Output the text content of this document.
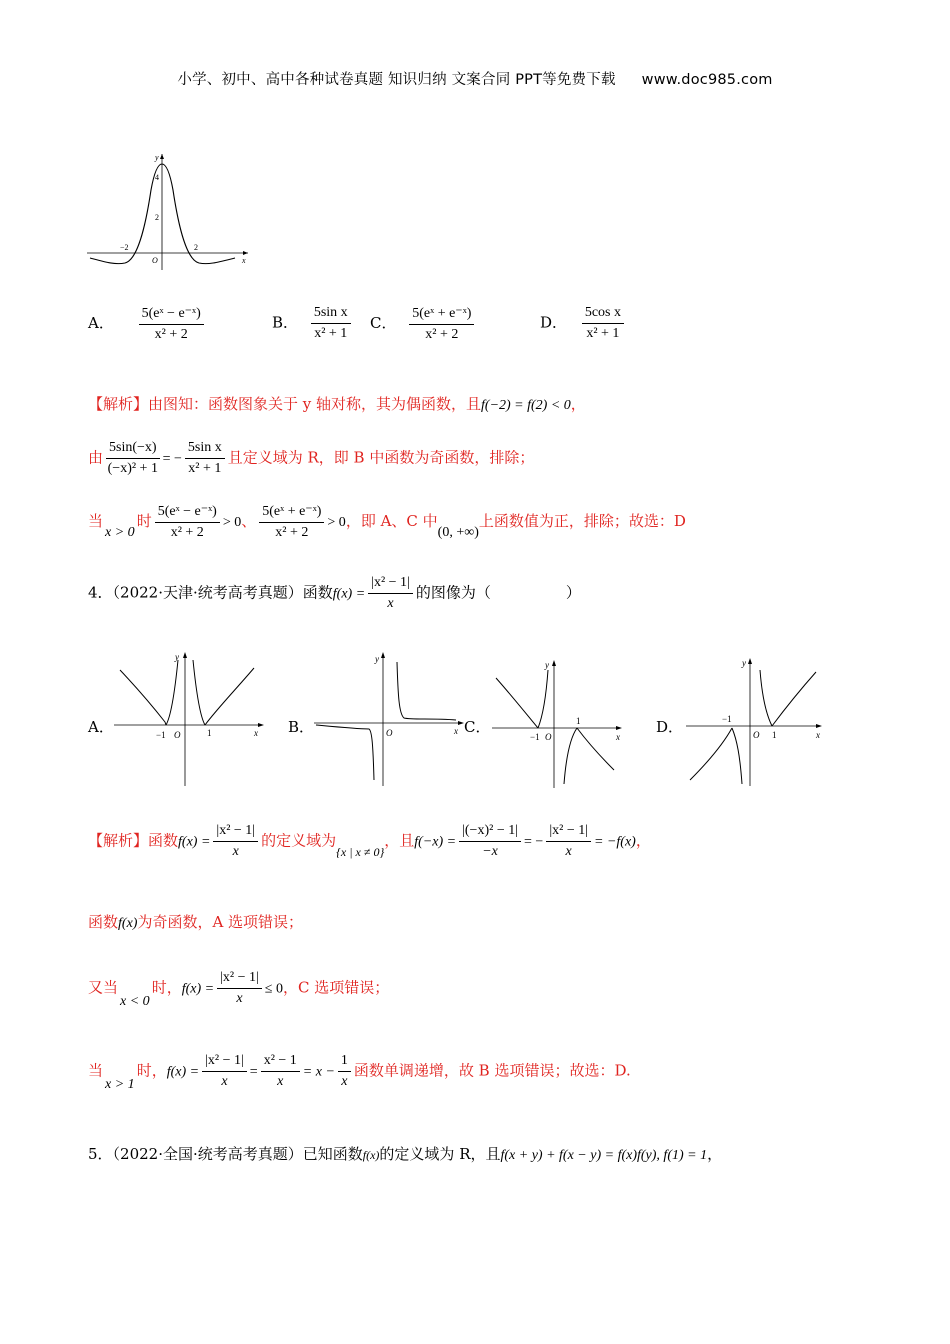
小学、初中、高中各种试卷真题 知识归纳 文案合同 PPT等免费下载 www.doc985.com
y
x
O
4
2
−2	2
A． $\frac{\text{5(eˣ − e⁻ˣ)}}{\text{x² + 2}}$	B． $\frac{\text{5sin x}}{\text{x² + 1}}$ C． $\frac{\text{5(eˣ + e⁻ˣ)}}{\text{x² + 2}}$	D． $\frac{\text{5cos x}}{\text{x² + 1}}$
【解析】由图知：函数图象关于 y 轴对称，其为偶函数，且f(−2) = f(2) < 0，
由 $\frac{5\sin(-x)}{\text{(−x)² + 1}}$ = − $\frac{\text{5sin x}}{\text{x² + 1}}$ 且定义域为 R，即 B 中函数为奇函数，排除；
当x > 0时 $\frac{\text{5(eˣ − e⁻ˣ)}}{\text{x² + 2}} > 0$、 $\frac{\text{5(eˣ + e⁻ˣ)}}{\text{x² + 2}} > 0$，即 A、C 中(0, +∞)上函数值为正，排除；故选：D
4．（2022·天津·统考高考真题）函数$f(x) = \frac{\text{|x² − 1|}}{x}$ 的图像为（　　　　　）
A．
y
x
O
−1	1	B．
y
x
O	C．
y
x
O
−1
1	D．
y
x
O
−1
1
【解析】函数$f(x) = \frac{\text{|x² − 1|}}{x}$ 的定义域为$_{\{x | x \ne 0\}}$，且$f(-x) = \frac{\text{|(−x)² − 1|}}{-x}$ = − $\frac{\text{|x² − 1|}}{x} = -f(x)$，
函数f(x)为奇函数，A 选项错误；
又当x < 0时，$f(x) = \frac{\text{|x² − 1|}}{x} \le 0$，C 选项错误；
当x > 1时，$f(x) = \frac{\text{|x² − 1|}}{x} = \frac{\text{x² − 1}}{x} = x - \frac{1}{x}$ 函数单调递增，故 B 选项错误；故选：D.
5．（2022·全国·统考高考真题）已知函数f(x)的定义域为 R，且f(x + y) + f(x − y) = f(x)f(y), f(1) = 1，
